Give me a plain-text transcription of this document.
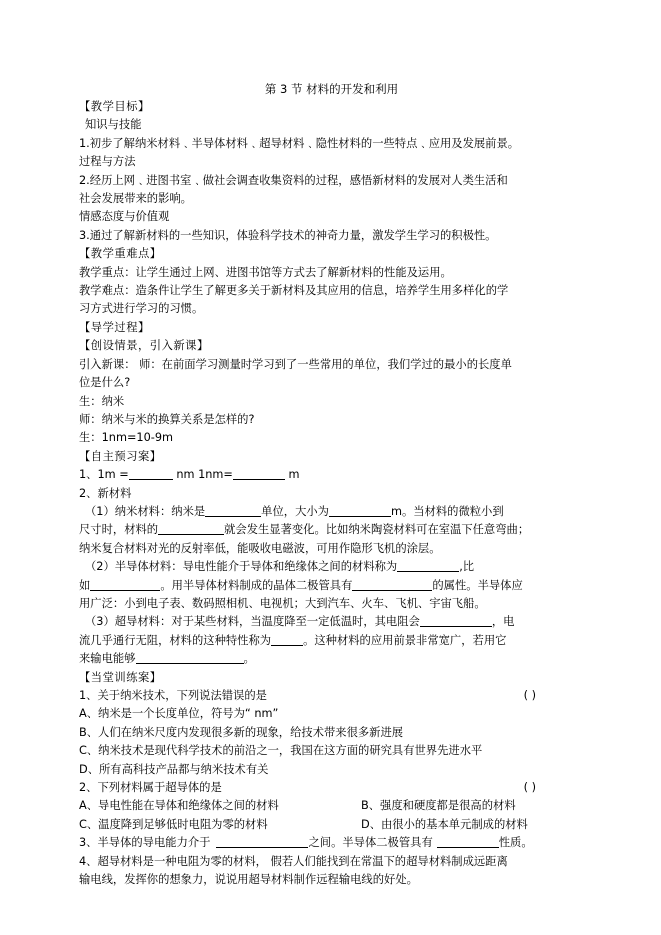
第 3 节 材料的开发和利用
【教学目标】
知识与技能
1.初步了解纳米材料﹑半导体材料﹑超导材料﹑隐性材料的一些特点﹑应用及发展前景。
过程与方法
2.经历上网﹑进图书室﹑做社会调查收集资料的过程，感悟新材料的发展对人类生活和
社会发展带来的影响。
情感态度与价值观
3.通过了解新材料的一些知识，体验科学技术的神奇力量，激发学生学习的积极性。
【教学重难点】
教学重点：让学生通过上网、进图书馆等方式去了解新材料的性能及运用。
教学难点：造条件让学生了解更多关于新材料及其应用的信息，培养学生用多样化的学
习方式进行学习的习惯。
【导学过程】
【创设情景，引入新课】
引入新课： 师：在前面学习测量时学习到了一些常用的单位，我们学过的最小的长度单
位是什么?
生：纳米
师：纳米与米的换算关系是怎样的?
生：1nm=10-9m
【自主预习案】
1、1m =	nm 1nm=	m
2、新材料
（1）纳米材料：纳米是	单位，大小为	m。当材料的微粒小到
尺寸时，材料的	就会发生显著变化。比如纳米陶瓷材料可在室温下任意弯曲；
纳米复合材料对光的反射率低，能吸收电磁波，可用作隐形飞机的涂层。
（2）半导体材料：导电性能介于导体和绝缘体之间的材料称为	,比
如	。用半导体材料制成的晶体二极管具有	的属性。半导体应
用广泛：小到电子表、数码照相机、电视机；大到汽车、火车、飞机、宇宙飞船。
（3）超导材料：对于某些材料，当温度降至一定低温时，其电阻会	，电
流几乎通行无阻，材料的这种特性称为	。这种材料的应用前景非常宽广，若用它
来输电能够	。
【当堂训练案】
1、关于纳米技术，下列说法错误的是	( )
A、纳米是一个长度单位，符号为“ nm”
B、人们在纳米尺度内发现很多新的现象，给技术带来很多新进展
C、纳米技术是现代科学技术的前沿之一，我国在这方面的研究具有世界先进水平
D、所有高科技产品都与纳米技术有关
2、下列材料属于超导体的是	( )
A、导电性能在导体和绝缘体之间的材料	B、强度和硬度都是很高的材料
C、温度降到足够低时电阻为零的材料	D、由很小的基本单元制成的材料
3、半导体的导电能力介于	之间。半导体二极管具有	性质。
4、超导材料是一种电阻为零的材料， 假若人们能找到在常温下的超导材料制成远距离
输电线，发挥你的想象力，说说用超导材料制作远程输电线的好处。
